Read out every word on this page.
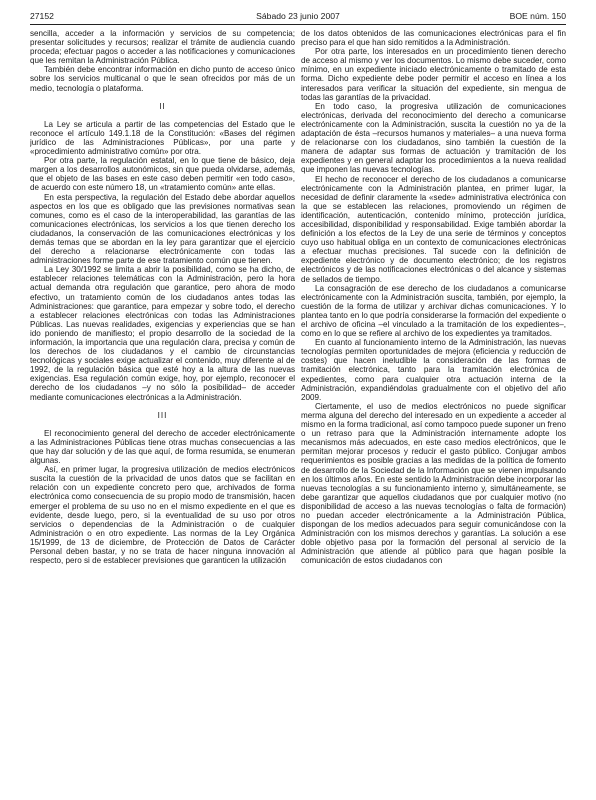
27152	Sábado 23 junio 2007	BOE núm. 150

sencilla, acceder a la información y servicios de su competencia; presentar solicitudes y recursos; realizar el trámite de audiencia cuando proceda; efectuar pagos o acceder a las notificaciones y comunicaciones que les remitan la Administración Pública.

También debe encontrar información en dicho punto de acceso único sobre los servicios multicanal o que le sean ofrecidos por más de un medio, tecnología o plataforma.

II

La Ley se articula a partir de las competencias del Estado que le reconoce el artículo 149.1.18 de la Constitución: «Bases del régimen jurídico de las Administraciones Públicas», por una parte y «procedimiento administrativo común» por otra.

Por otra parte, la regulación estatal, en lo que tiene de básico, deja margen a los desarrollos autonómicos, sin que pueda olvidarse, además, que el objeto de las bases en este caso deben permitir «en todo caso», de acuerdo con este número 18, un «tratamiento común» ante ellas.

En esta perspectiva, la regulación del Estado debe abordar aquellos aspectos en los que es obligado que las previsiones normativas sean comunes, como es el caso de la interoperabilidad, las garantías de las comunicaciones electrónicas, los servicios a los que tienen derecho los ciudadanos, la conservación de las comunicaciones electrónicas y los demás temas que se abordan en la ley para garantizar que el ejercicio del derecho a relacionarse electrónicamente con todas las administraciones forme parte de ese tratamiento común que tienen.

La Ley 30/1992 se limita a abrir la posibilidad, como se ha dicho, de establecer relaciones telemáticas con la Administración, pero la hora actual demanda otra regulación que garantice, pero ahora de modo efectivo, un tratamiento común de los ciudadanos antes todas las Administraciones: que garantice, para empezar y sobre todo, el derecho a establecer relaciones electrónicas con todas las Administraciones Públicas. Las nuevas realidades, exigencias y experiencias que se han ido poniendo de manifiesto; el propio desarrollo de la sociedad de la información, la importancia que una regulación clara, precisa y común de los derechos de los ciudadanos y el cambio de circunstancias tecnológicas y sociales exige actualizar el contenido, muy diferente al de 1992, de la regulación básica que esté hoy a la altura de las nuevas exigencias. Esa regulación común exige, hoy, por ejemplo, reconocer el derecho de los ciudadanos –y no sólo la posibilidad– de acceder mediante comunicaciones electrónicas a la Administración.

III

El reconocimiento general del derecho de acceder electrónicamente a las Administraciones Públicas tiene otras muchas consecuencias a las que hay dar solución y de las que aquí, de forma resumida, se enumeran algunas.

Así, en primer lugar, la progresiva utilización de medios electrónicos suscita la cuestión de la privacidad de unos datos que se facilitan en relación con un expediente concreto pero que, archivados de forma electrónica como consecuencia de su propio modo de transmisión, hacen emerger el problema de su uso no en el mismo expediente en el que es evidente, desde luego, pero, si la eventualidad de su uso por otros servicios o dependencias de la Administración o de cualquier Administración o en otro expediente. Las normas de la Ley Orgánica 15/1999, de 13 de diciembre, de Protección de Datos de Carácter Personal deben bastar, y no se trata de hacer ninguna innovación al respecto, pero si de establecer previsiones que garanticen la utilización

de los datos obtenidos de las comunicaciones electrónicas para el fin preciso para el que han sido remitidos a la Administración.

Por otra parte, los interesados en un procedimiento tienen derecho de acceso al mismo y ver los documentos. Lo mismo debe suceder, como mínimo, en un expediente iniciado electrónicamente o tramitado de esta forma. Dicho expediente debe poder permitir el acceso en línea a los interesados para verificar la situación del expediente, sin mengua de todas las garantías de la privacidad.

En todo caso, la progresiva utilización de comunicaciones electrónicas, derivada del reconocimiento del derecho a comunicarse electrónicamente con la Administración, suscita la cuestión no ya de la adaptación de ésta –recursos humanos y materiales– a una nueva forma de relacionarse con los ciudadanos, sino también la cuestión de la manera de adaptar sus formas de actuación y tramitación de los expedientes y en general adaptar los procedimientos a la nueva realidad que imponen las nuevas tecnologías.

El hecho de reconocer el derecho de los ciudadanos a comunicarse electrónicamente con la Administración plantea, en primer lugar, la necesidad de definir claramente la «sede» administrativa electrónica con la que se establecen las relaciones, promoviendo un régimen de identificación, autenticación, contenido mínimo, protección jurídica, accesibilidad, disponibilidad y responsabilidad. Exige también abordar la definición a los efectos de la Ley de una serie de términos y conceptos cuyo uso habitual obliga en un contexto de comunicaciones electrónicas a efectuar muchas precisiones. Tal sucede con la definición de expediente electrónico y de documento electrónico; de los registros electrónicos y de las notificaciones electrónicas o del alcance y sistemas de sellados de tiempo.

La consagración de ese derecho de los ciudadanos a comunicarse electrónicamente con la Administración suscita, también, por ejemplo, la cuestión de la forma de utilizar y archivar dichas comunicaciones. Y lo plantea tanto en lo que podría considerarse la formación del expediente o el archivo de oficina –el vinculado a la tramitación de los expedientes–, como en lo que se refiere al archivo de los expedientes ya tramitados.

En cuanto al funcionamiento interno de la Administración, las nuevas tecnologías permiten oportunidades de mejora (eficiencia y reducción de costes) que hacen ineludible la consideración de las formas de tramitación electrónica, tanto para la tramitación electrónica de expedientes, como para cualquier otra actuación interna de la Administración, expandiéndolas gradualmente con el objetivo del año 2009.

Ciertamente, el uso de medios electrónicos no puede significar merma alguna del derecho del interesado en un expediente a acceder al mismo en la forma tradicional, así como tampoco puede suponer un freno o un retraso para que la Administración internamente adopte los mecanismos más adecuados, en este caso medios electrónicos, que le permitan mejorar procesos y reducir el gasto público. Conjugar ambos requerimientos es posible gracias a las medidas de la política de fomento de desarrollo de la Sociedad de la Información que se vienen impulsando en los últimos años. En este sentido la Administración debe incorporar las nuevas tecnologías a su funcionamiento interno y, simultáneamente, se debe garantizar que aquellos ciudadanos que por cualquier motivo (no disponibilidad de acceso a las nuevas tecnologías o falta de formación) no puedan acceder electrónicamente a la Administración Pública, dispongan de los medios adecuados para seguir comunicándose con la Administración con los mismos derechos y garantías. La solución a ese doble objetivo pasa por la formación del personal al servicio de la Administración que atiende al público para que hagan posible la comunicación de estos ciudadanos con
